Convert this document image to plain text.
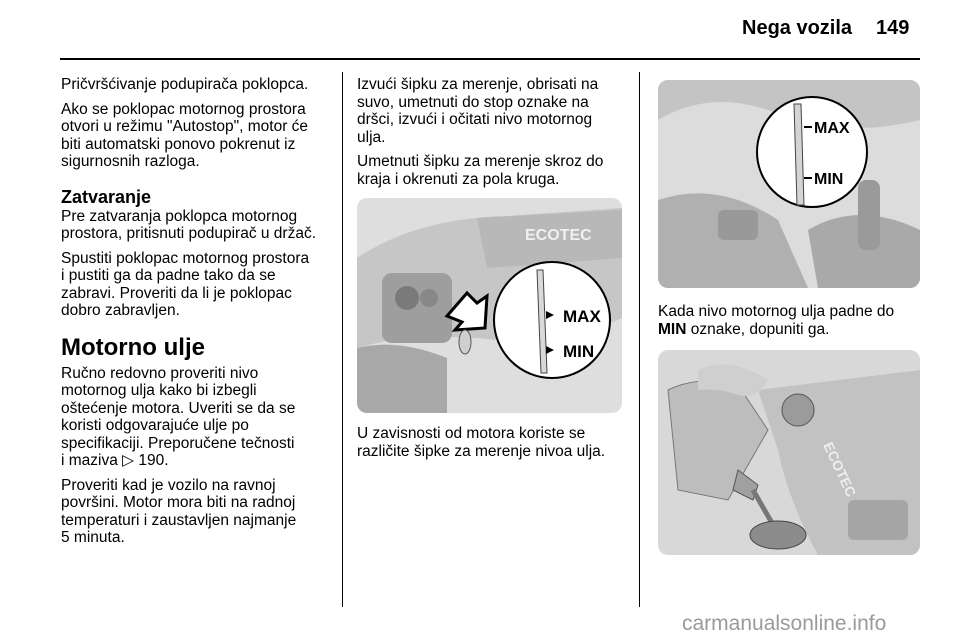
Nega vozila 149

Pričvršćivanje podupirača poklopca.

Ako se poklopac motornog prostora
otvori u režimu "Autostop", motor će
biti automatski ponovo pokrenut iz
sigurnosnih razloga.

Zatvaranje

Pre zatvaranja poklopca motornog
prostora, pritisnuti podupirač u držač.

Spustiti poklopac motornog prostora
i pustiti ga da padne tako da se
zabravi. Proveriti da li je poklopac
dobro zabravljen.

Motorno ulje

Ručno redovno proveriti nivo
motornog ulja kako bi izbegli
oštećenje motora. Uveriti se da se
koristi odgovarajuće ulje po
specifikaciji. Preporučene tečnosti
i maziva ▷ 190.

Proveriti kad je vozilo na ravnoj
površini. Motor mora biti na radnoj
temperaturi i zaustavljen najmanje
5 minuta.

Izvući šipku za merenje, obrisati na
suvo, umetnuti do stop oznake na
dršci, izvući i očitati nivo motornog
ulja.

Umetnuti šipku za merenje skroz do
kraja i okrenuti za pola kruga.

ECOTEC
MAX
MIN

U zavisnosti od motora koriste se
različite šipke za merenje nivoa ulja.

MAX
MIN

Kada nivo motornog ulja padne do
MIN oznake, dopuniti ga.

ECOTEC
carmanualsonline.info
